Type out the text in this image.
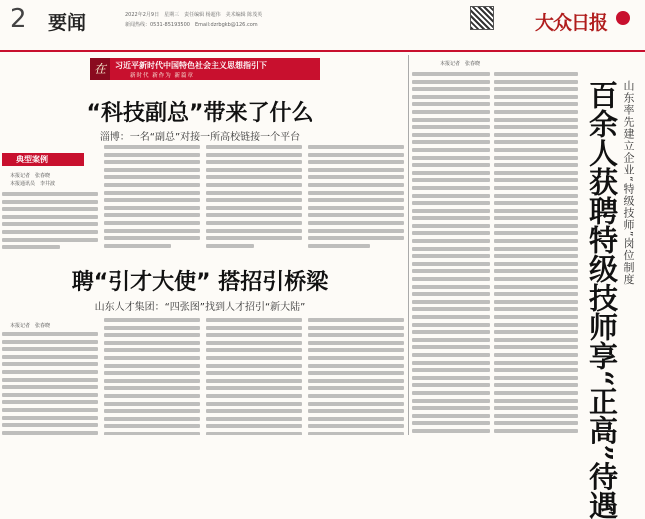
2 要闻	2022年2月9日　星期三　责任编辑 杨超伟　美术编辑 陈茂英
新闻热线：0531-85193500　Email:dzrbgkb@126.com	大众日报
在	习近平新时代中国特色社会主义思想指引下
新时代 新作为 新篇章
“科技副总”带来了什么
淄博：一名“副总”对接一所高校链接一个平台
典型案例
本报记者　张春晓
本报通讯员　李井波
聘“引才大使” 搭招引桥梁
山东人才集团：“四张图”找到人才招引“新大陆”
本报记者　张春晓
本报记者　张春晓
百余人获聘特级技师享“正高”待遇 山东率先建立企业“特级技师”岗位制度
